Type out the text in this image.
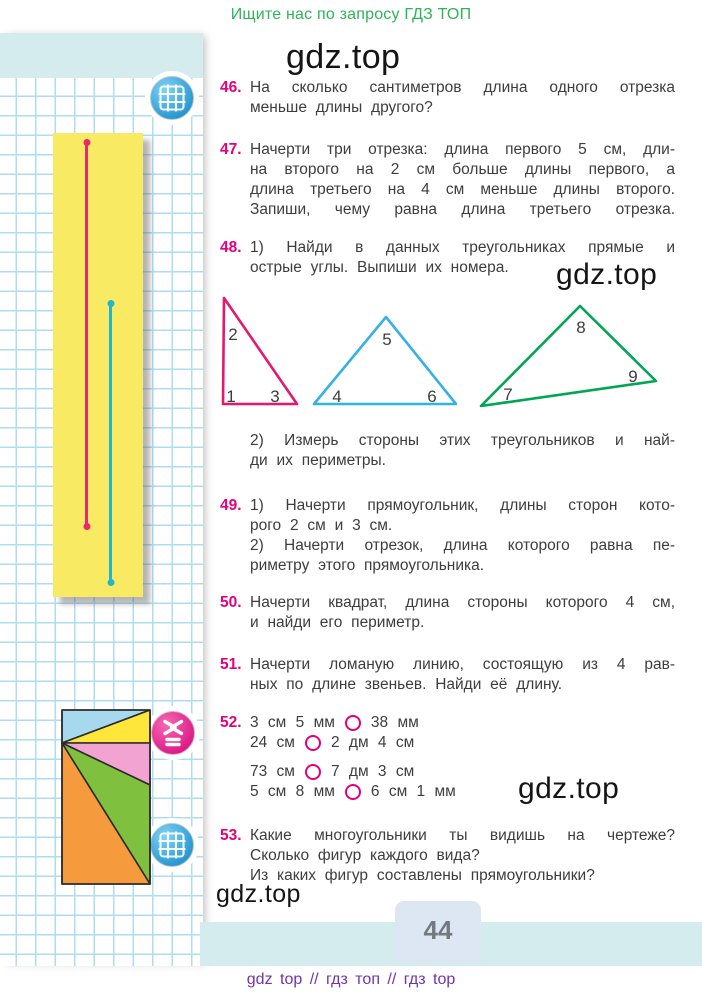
Ищите нас по запросу ГДЗ ТОП
gdz.top
gdz.top
gdz.top
gdz.top
46. На сколько сантиметров длина одного отрезка
меньше длины другого?
47. Начерти три отрезка: длина первого 5 см, дли-
на второго на 2 см больше длины первого, а
длина третьего на 4 см меньше длины второго.
Запиши, чему равна длина третьего отрезка.
48. 1) Найди в данных треугольниках прямые и
острые углы. Выпиши их номера.
2
1 3
5
4	6
8
7
9
2) Измерь стороны этих треугольников и най-
ди их периметры.
49. 1) Начерти прямоугольник, длины сторон кото-
рого 2 см и 3 см.
2) Начерти отрезок, длина которого равна пе-
риметру этого прямоугольника.
50. Начерти квадрат, длина стороны которого 4 см,
и найди его периметр.
51. Начерти ломаную линию, состоящую из 4 рав-
ных по длине звеньев. Найди её длину.
52. 3 см 5 мм 38 мм
24 см 2 дм 4 см
73 см 7 дм 3 см
5 см 8 мм 6 см 1 мм
53. Какие многоугольники ты видишь на чертеже?
Сколько фигур каждого вида?
Из каких фигур составлены прямоугольники?
44
gdz top // гдз топ // гдз top
